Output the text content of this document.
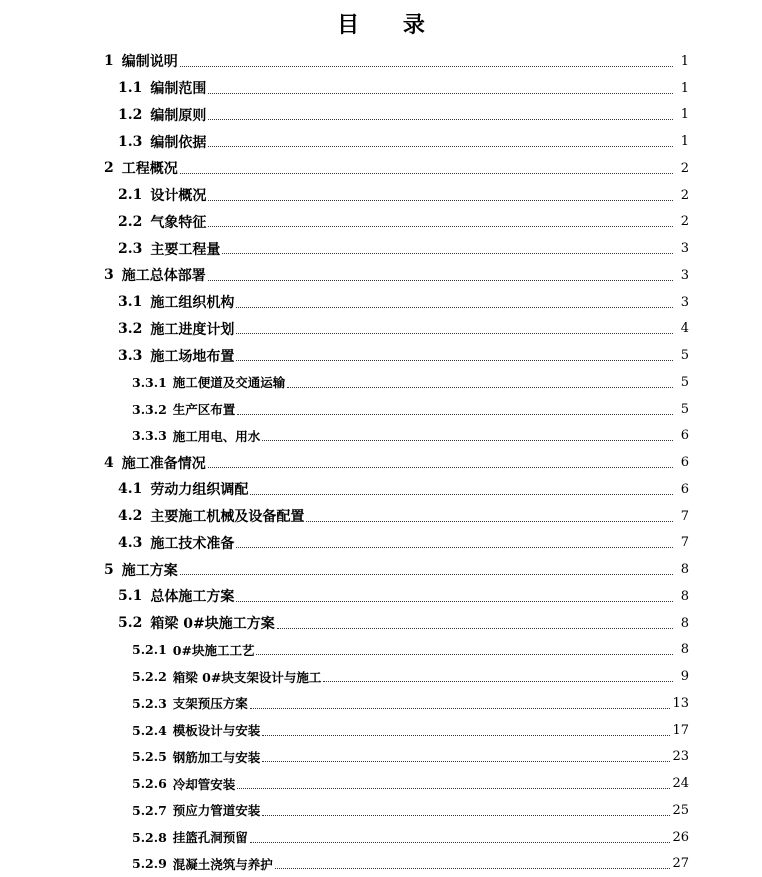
目 录
1 编制说明	1
1.1 编制范围	1
1.2 编制原则	1
1.3 编制依据	1
2 工程概况	2
2.1 设计概况	2
2.2 气象特征	2
2.3 主要工程量	3
3 施工总体部署	3
3.1 施工组织机构	3
3.2 施工进度计划	4
3.3 施工场地布置	5
3.3.1 施工便道及交通运输	5
3.3.2 生产区布置	5
3.3.3 施工用电、用水	6
4 施工准备情况	6
4.1 劳动力组织调配	6
4.2 主要施工机械及设备配置	7
4.3 施工技术准备	7
5 施工方案	8
5.1 总体施工方案	8
5.2 箱梁 0#块施工方案	8
5.2.1 0#块施工工艺	8
5.2.2 箱梁 0#块支架设计与施工	9
5.2.3 支架预压方案	13
5.2.4 模板设计与安装	17
5.2.5 钢筋加工与安装	23
5.2.6 冷却管安装	24
5.2.7 预应力管道安装	25
5.2.8 挂篮孔洞预留	26
5.2.9 混凝土浇筑与养护	27
